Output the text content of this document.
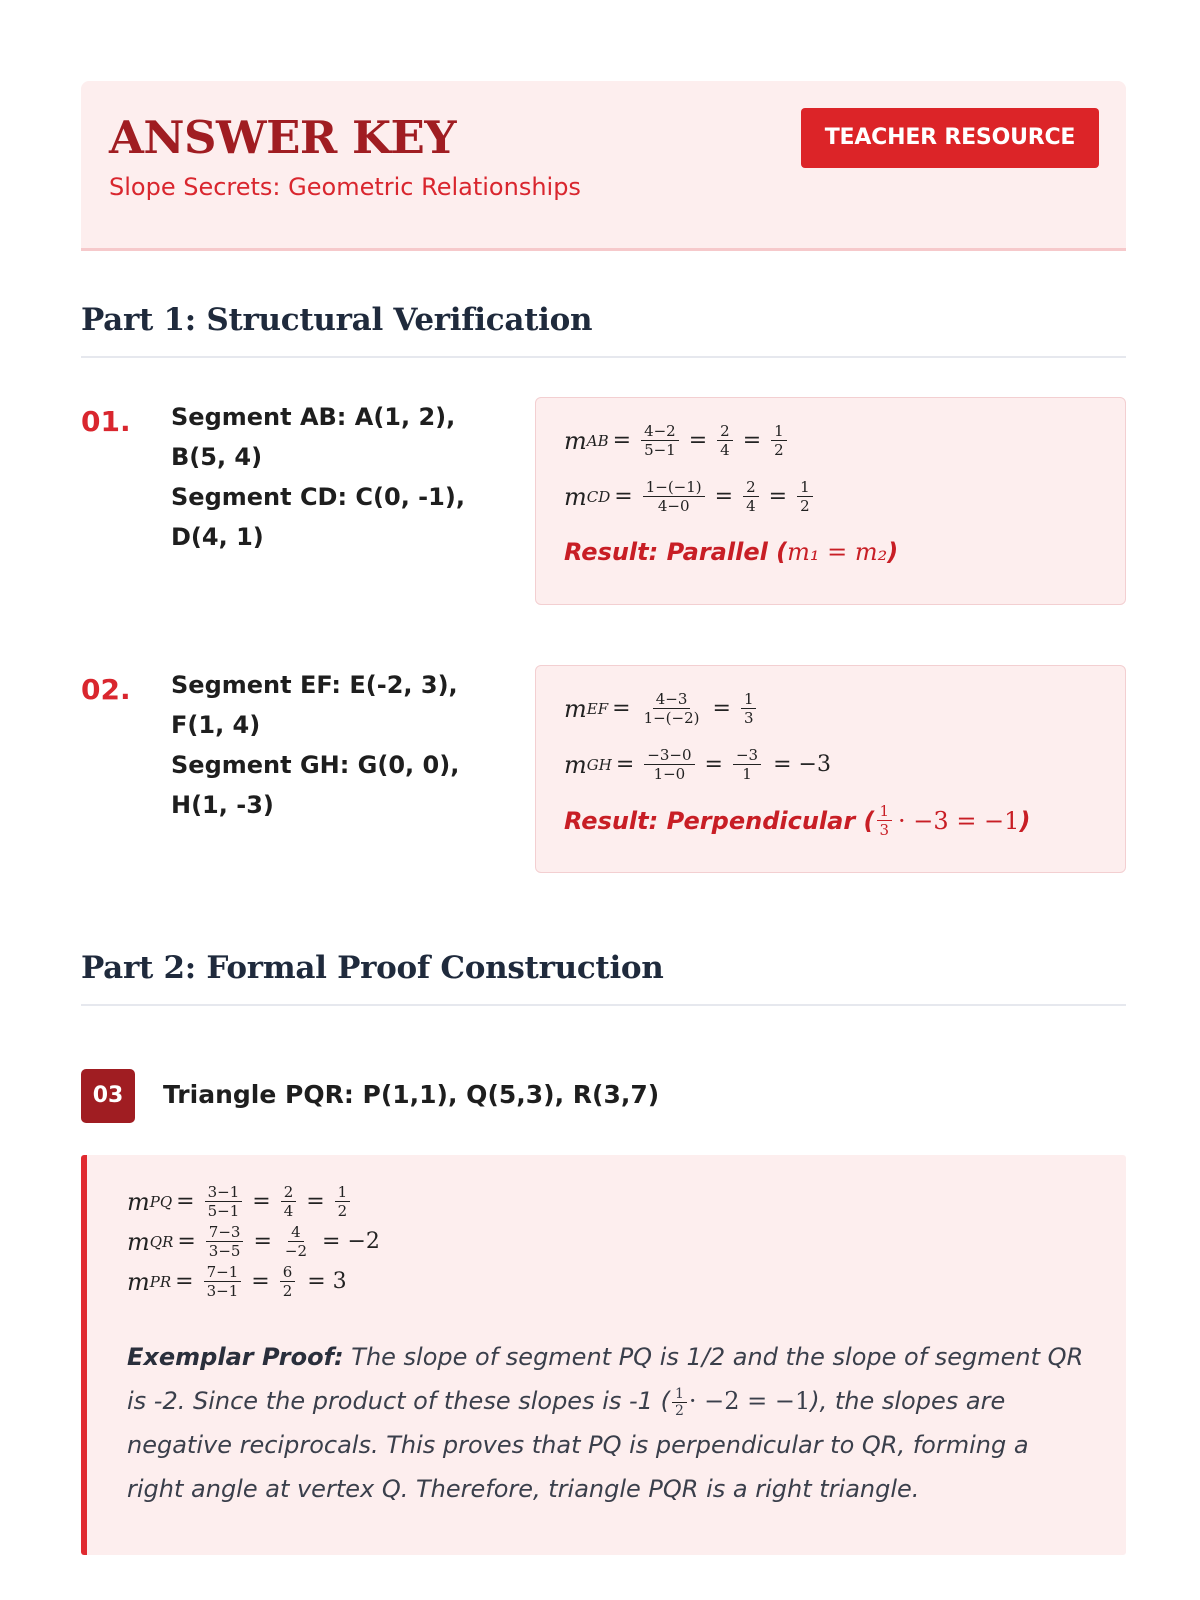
ANSWER KEY
Slope Secrets: Geometric Relationships
TEACHER RESOURCE
Part 1: Structural Verification
01. Segment AB: A(1, 2),
B(5, 4)
Segment CD: C(0, -1),
D(4, 1)
m AB = $\frac{4-2}{5-1} = \frac{2}{4} = \frac{1}{2}$
m CD = $\frac{1-(-1)}{4-0} = \frac{2}{4} = \frac{1}{2}$
Result: Parallel (m₁ = m₂)
02. Segment EF: E(-2, 3),
F(1, 4)
Segment GH: G(0, 0),
H(1, -3)
m EF = $\frac{4-3}{1-(-2)} = \frac{1}{3}$
m GH = $\frac{-3-0}{1-0} = \frac{-3}{1} = -3$
Result: Perpendicular ( $\frac{1}{3} \cdot -3 = -1$ )
Part 2: Formal Proof Construction
03	Triangle PQR: P(1,1), Q(5,3), R(3,7)
m PQ = $\frac{3-1}{5-1} = \frac{2}{4} = \frac{1}{2}$
m QR = $\frac{7-3}{3-5} = \frac{4}{-2} = -2$
m PR = $\frac{7-1}{3-1} = \frac{6}{2} = 3$
Exemplar Proof: The slope of segment PQ is 1/2 and the slope of segment QR is -2. Since the product of these slopes is -1 ( $\frac{1}{2} \cdot -2 = -1$), the slopes are negative reciprocals. This proves that PQ is perpendicular to QR, forming a right angle at vertex Q. Therefore, triangle PQR is a right triangle.
